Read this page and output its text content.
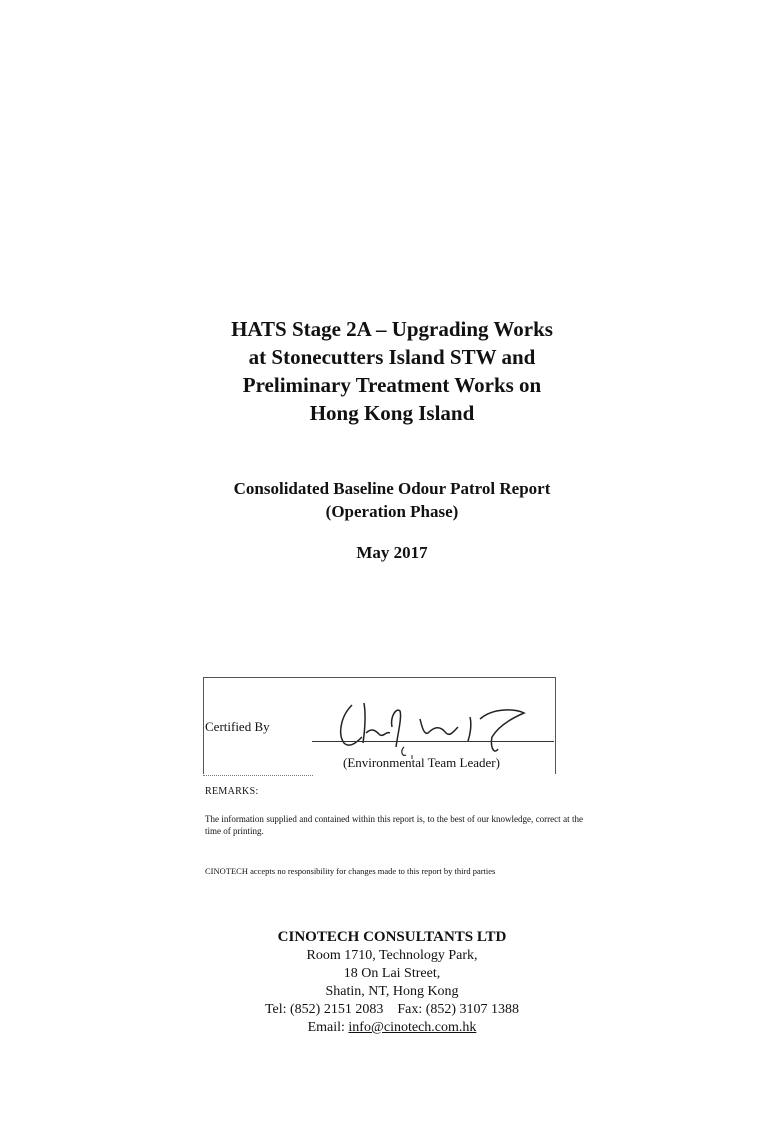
HATS Stage 2A – Upgrading Works
at Stonecutters Island STW and
Preliminary Treatment Works on
Hong Kong Island
Consolidated Baseline Odour Patrol Report
(Operation Phase)
May 2017
Certified By
(Environmental Team Leader)
REMARKS:
The information supplied and contained within this report is, to the best of our knowledge, correct at the time of printing.
CINOTECH accepts no responsibility for changes made to this report by third parties
CINOTECH CONSULTANTS LTD
Room 1710, Technology Park,
18 On Lai Street,
Shatin, NT, Hong Kong
Tel: (852) 2151 2083    Fax: (852) 3107 1388
Email: info@cinotech.com.hk
